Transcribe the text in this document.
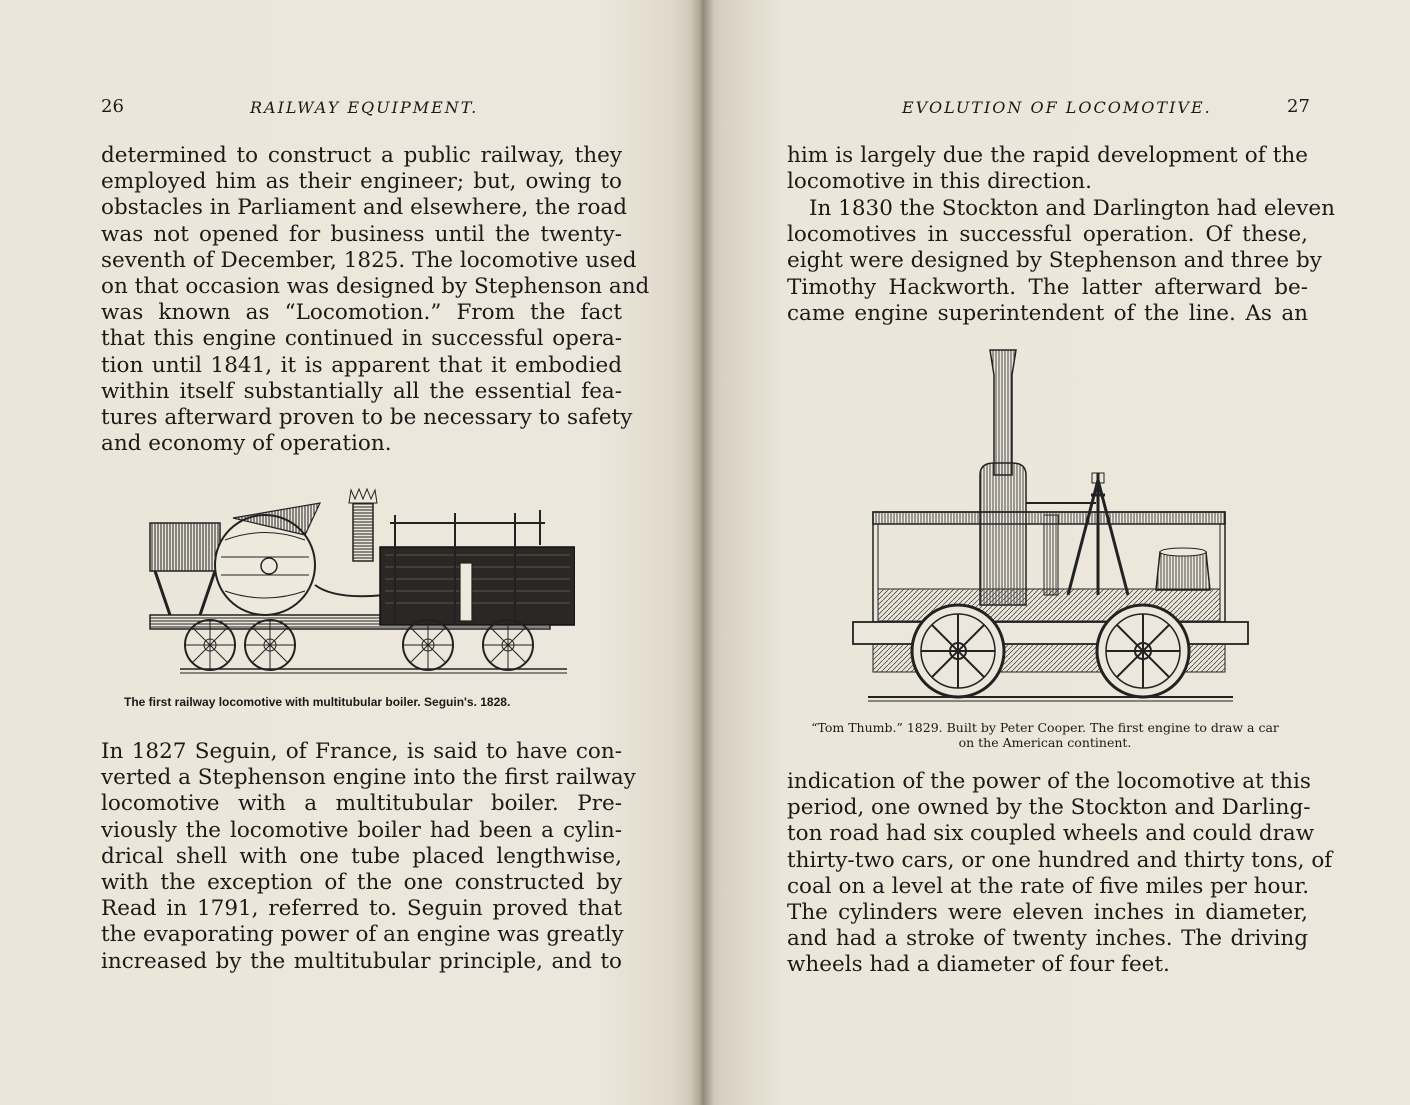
26	RAILWAY EQUIPMENT.
determined to construct a public railway, they
employed him as their engineer; but, owing to
obstacles in Parliament and elsewhere, the road
was not opened for business until the twenty-
seventh of December, 1825. The locomotive used
on that occasion was designed by Stephenson and
was known as “Locomotion.” From the fact
that this engine continued in successful opera-
tion until 1841, it is apparent that it embodied
within itself substantially all the essential fea-
tures afterward proven to be necessary to safety
and economy of operation.
The first railway locomotive with multitubular boiler. Seguin's. 1828.
In 1827 Seguin, of France, is said to have con-
verted a Stephenson engine into the first railway
locomotive with a multitubular boiler. Pre-
viously the locomotive boiler had been a cylin-
drical shell with one tube placed lengthwise,
with the exception of the one constructed by
Read in 1791, referred to. Seguin proved that
the evaporating power of an engine was greatly
increased by the multitubular principle, and to
EVOLUTION OF LOCOMOTIVE.	27
him is largely due the rapid development of the
locomotive in this direction.
In 1830 the Stockton and Darlington had eleven
locomotives in successful operation. Of these,
eight were designed by Stephenson and three by
Timothy Hackworth. The latter afterward be-
came engine superintendent of the line. As an
“Tom Thumb.” 1829. Built by Peter Cooper. The first engine to draw a car
on the American continent.
indication of the power of the locomotive at this
period, one owned by the Stockton and Darling-
ton road had six coupled wheels and could draw
thirty-two cars, or one hundred and thirty tons, of
coal on a level at the rate of five miles per hour.
The cylinders were eleven inches in diameter,
and had a stroke of twenty inches. The driving
wheels had a diameter of four feet.
